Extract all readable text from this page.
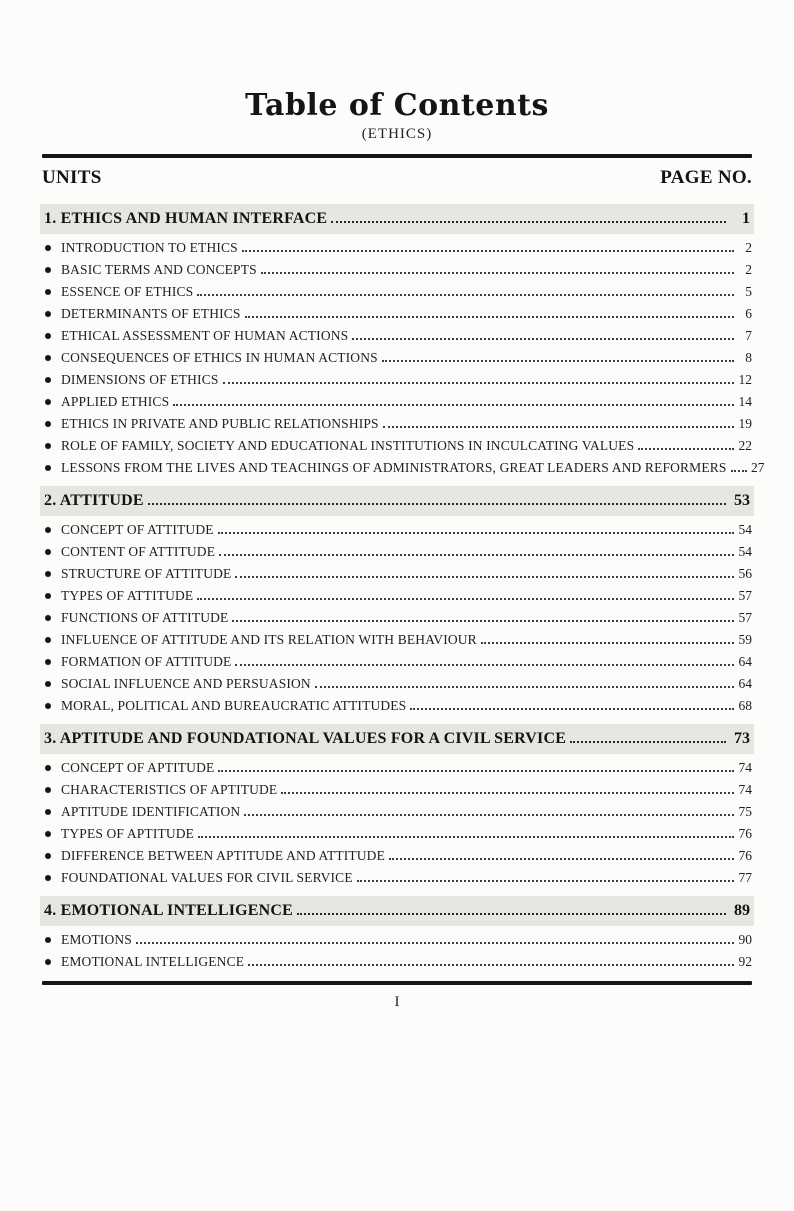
Table of Contents
(ETHICS)
UNITS	PAGE NO.
1. ETHICS AND HUMAN INTERFACE	1
INTRODUCTION TO ETHICS	2
BASIC TERMS AND CONCEPTS	2
ESSENCE OF ETHICS	5
DETERMINANTS OF ETHICS	6
ETHICAL ASSESSMENT OF HUMAN ACTIONS	7
CONSEQUENCES OF ETHICS IN HUMAN ACTIONS	8
DIMENSIONS OF ETHICS	12
APPLIED ETHICS	14
ETHICS IN PRIVATE AND PUBLIC RELATIONSHIPS	19
ROLE OF FAMILY, SOCIETY AND EDUCATIONAL INSTITUTIONS IN INCULCATING VALUES	22
LESSONS FROM THE LIVES AND TEACHINGS OF ADMINISTRATORS, GREAT LEADERS AND REFORMERS 27
2. ATTITUDE	53
CONCEPT OF ATTITUDE	54
CONTENT OF ATTITUDE	54
STRUCTURE OF ATTITUDE	56
TYPES OF ATTITUDE	57
FUNCTIONS OF ATTITUDE	57
INFLUENCE OF ATTITUDE AND ITS RELATION WITH BEHAVIOUR	59
FORMATION OF ATTITUDE	64
SOCIAL INFLUENCE AND PERSUASION	64
MORAL, POLITICAL AND BUREAUCRATIC ATTITUDES	68
3. APTITUDE AND FOUNDATIONAL VALUES FOR A CIVIL SERVICE	73
CONCEPT OF APTITUDE	74
CHARACTERISTICS OF APTITUDE	74
APTITUDE IDENTIFICATION	75
TYPES OF APTITUDE	76
DIFFERENCE BETWEEN APTITUDE AND ATTITUDE	76
FOUNDATIONAL VALUES FOR CIVIL SERVICE	77
4. EMOTIONAL INTELLIGENCE	89
EMOTIONS	90
EMOTIONAL INTELLIGENCE	92
I
